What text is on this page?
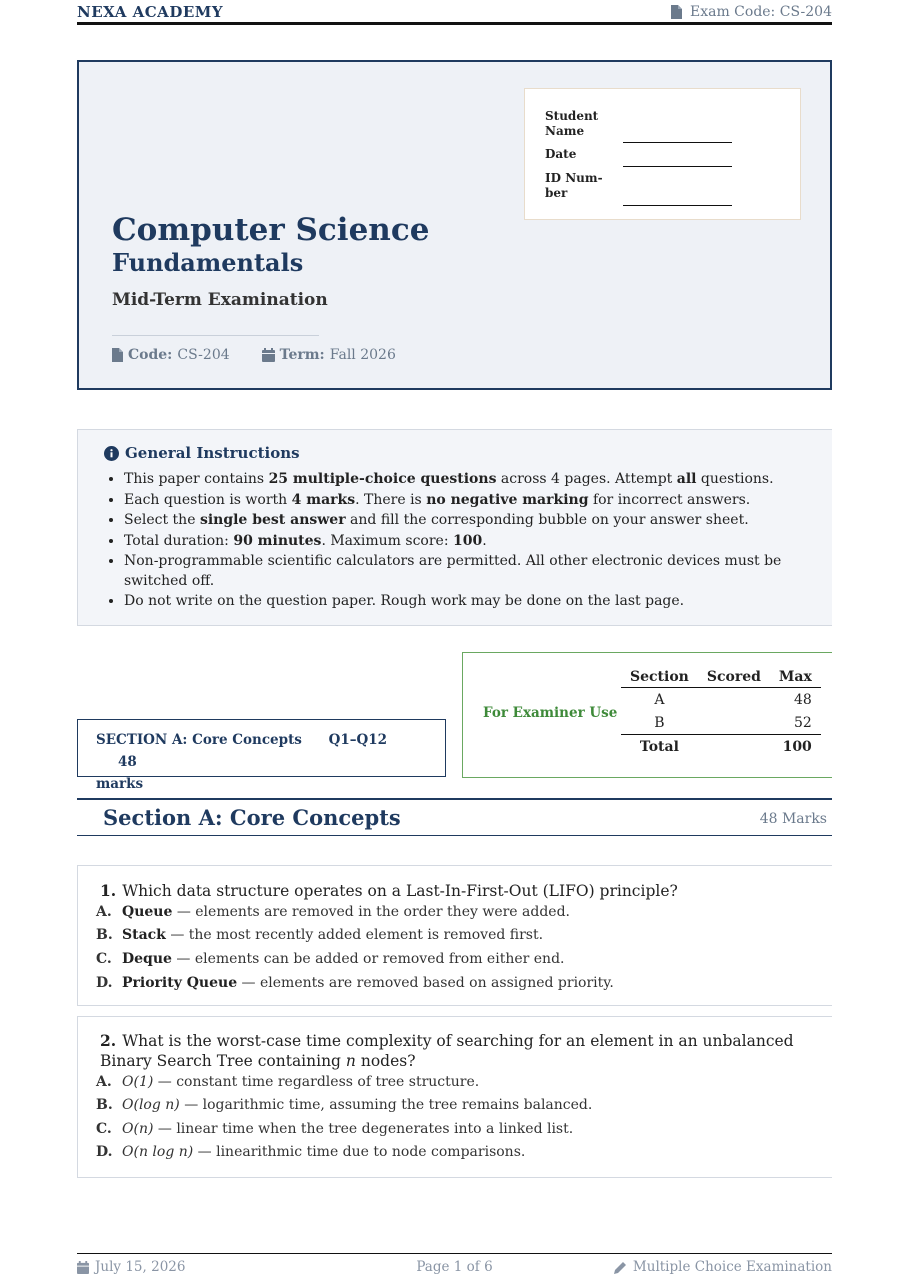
NEXA ACADEMY	Exam Code: CS-204
Computer Science
Fundamentals
Mid-Term Examination
Code: CS-204	Term: Fall 2026
Student Name
Date
ID Num- ber
General Instructions
• This paper contains 25 multiple-choice questions across 4 pages. Attempt all questions.
• Each question is worth 4 marks. There is no negative marking for incorrect answers.
• Select the single best answer and fill the corresponding bubble on your answer sheet.
• Total duration: 90 minutes. Maximum score: 100.
• Non-programmable scientific calculators are permitted. All other electronic devices must be switched off.
• Do not write on the question paper. Rough work may be done on the last page.
SECTION A: Core Concepts Q1–Q12 48
marks
For Examiner Use
Section	Scored	Max
A		48
B		52
Total		100
Section A: Core Concepts	48 Marks
1. Which data structure operates on a Last-In-First-Out (LIFO) principle?
A. Queue — elements are removed in the order they were added.
B. Stack — the most recently added element is removed first.
C. Deque — elements can be added or removed from either end.
D. Priority Queue — elements are removed based on assigned priority.
2. What is the worst-case time complexity of searching for an element in an unbalanced Binary Search Tree containing n nodes?
A. O(1) — constant time regardless of tree structure.
B. O(log n) — logarithmic time, assuming the tree remains balanced.
C. O(n) — linear time when the tree degenerates into a linked list.
D. O(n log n) — linearithmic time due to node comparisons.
July 15, 2026	Page 1 of 6	Multiple Choice Examination
